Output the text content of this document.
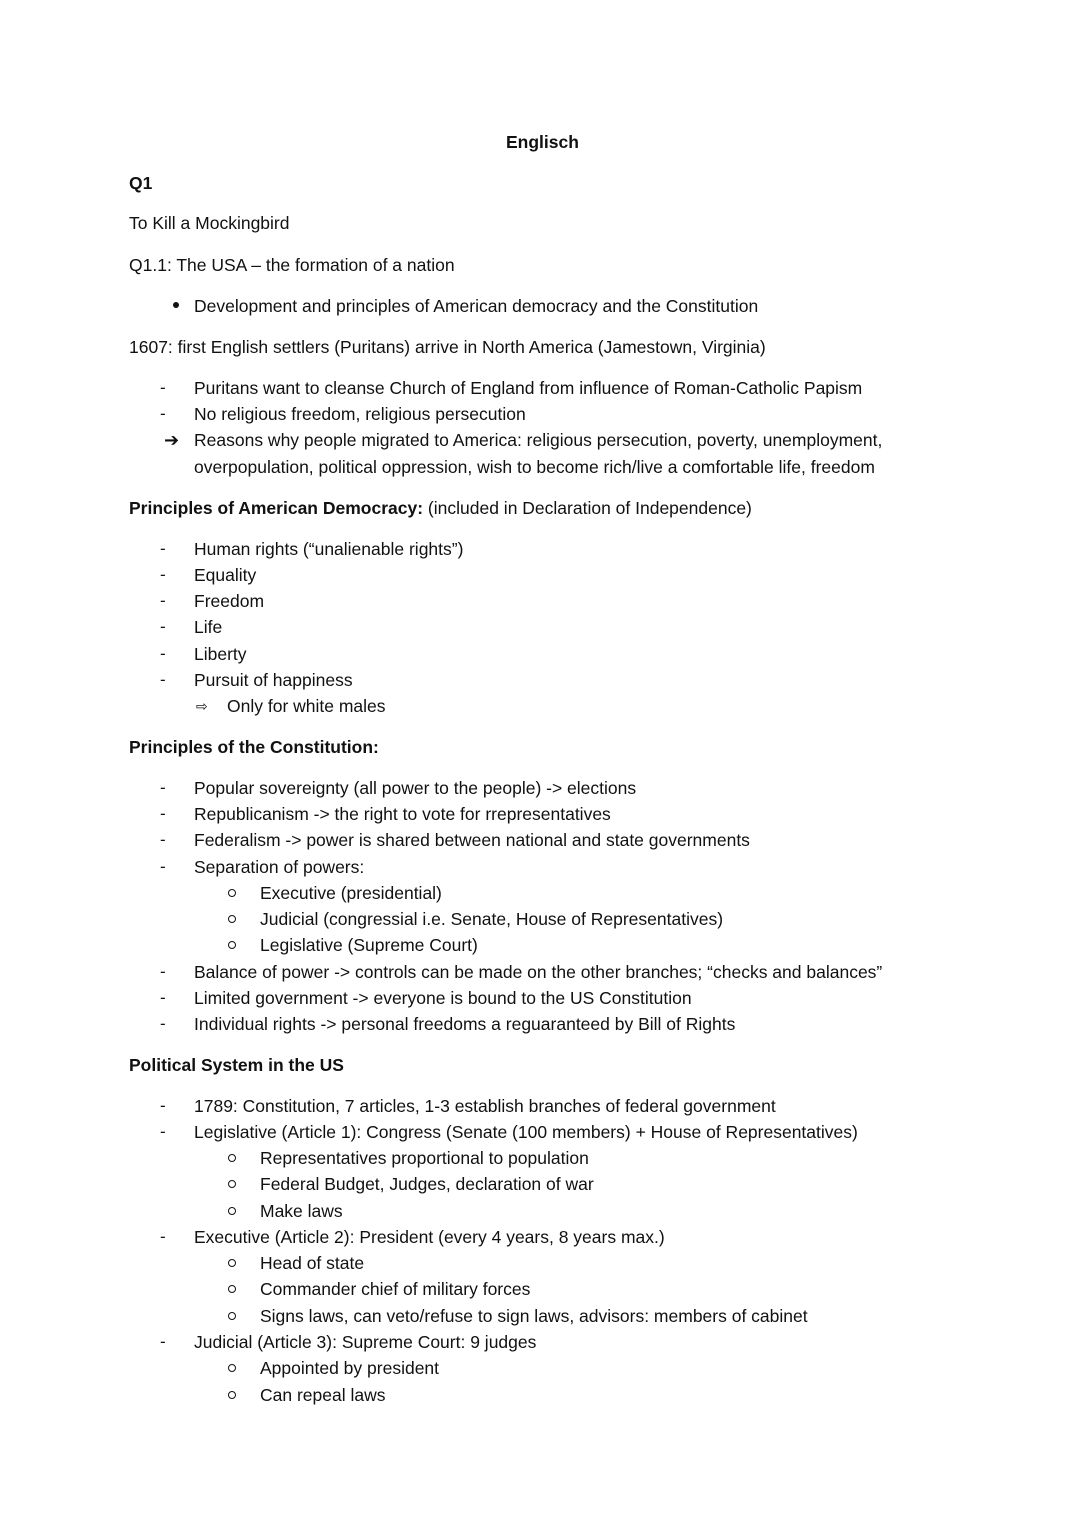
Englisch
Q1
To Kill a Mockingbird
Q1.1: The USA – the formation of a nation
Development and principles of American democracy and the Constitution
1607: first English settlers (Puritans) arrive in North America (Jamestown, Virginia)
- Puritans want to cleanse Church of England from influence of Roman-Catholic Papism
- No religious freedom, religious persecution
➔ Reasons why people migrated to America: religious persecution, poverty, unemployment,
overpopulation, political oppression, wish to become rich/live a comfortable life, freedom
Principles of American Democracy: (included in Declaration of Independence)
- Human rights (“unalienable rights”)
- Equality
- Freedom
- Life
- Liberty
- Pursuit of happiness
⇨ Only for white males
Principles of the Constitution:
- Popular sovereignty (all power to the people) -> elections
- Republicanism -> the right to vote for rrepresentatives
- Federalism -> power is shared between national and state governments
- Separation of powers:
Executive (presidential)
Judicial (congressial i.e. Senate, House of Representatives)
Legislative (Supreme Court)
- Balance of power -> controls can be made on the other branches; “checks and balances”
- Limited government -> everyone is bound to the US Constitution
- Individual rights -> personal freedoms a reguaranteed by Bill of Rights
Political System in the US
- 1789: Constitution, 7 articles, 1-3 establish branches of federal government
- Legislative (Article 1): Congress (Senate (100 members) + House of Representatives)
Representatives proportional to population
Federal Budget, Judges, declaration of war
Make laws
- Executive (Article 2): President (every 4 years, 8 years max.)
Head of state
Commander chief of military forces
Signs laws, can veto/refuse to sign laws, advisors: members of cabinet
- Judicial (Article 3): Supreme Court: 9 judges
Appointed by president
Can repeal laws
